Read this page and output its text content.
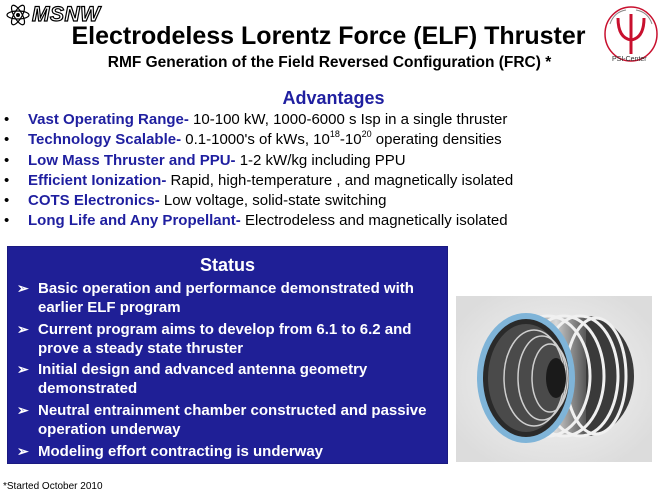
MSNW
PSI-Center
Electrodeless Lorentz Force (ELF) Thruster
RMF Generation of the Field Reversed Configuration (FRC) *
Advantages
• Vast Operating Range- 10-100 kW, 1000-6000 s Isp in a single thruster
• Technology Scalable- 0.1-1000's of kWs, $10^{18}-10^{20}$ operating densities
• Low Mass Thruster and PPU- 1-2 kW/kg including PPU
• Efficient Ionization- Rapid, high-temperature , and magnetically isolated
• COTS Electronics- Low voltage, solid-state switching
• Long Life and Any Propellant- Electrodeless and magnetically isolated
Status
➢ Basic operation and performance demonstrated with earlier ELF program
➢ Current program aims to develop from 6.1 to 6.2 and prove a steady state thruster
➢ Initial design and advanced antenna geometry demonstrated
➢ Neutral entrainment chamber constructed and passive operation underway
➢ Modeling effort contracting is underway
*Started October 2010
